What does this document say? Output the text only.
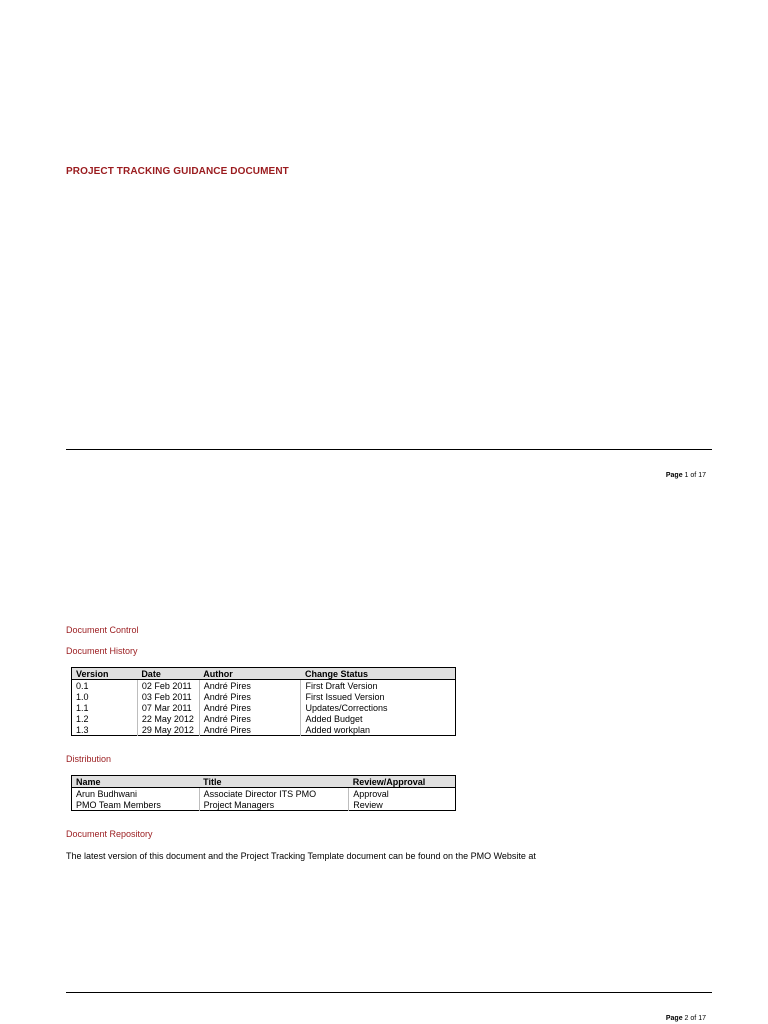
PROJECT TRACKING GUIDANCE DOCUMENT
Page 1 of 17
Document Control
Document History
Version	Date	Author	Change Status
0.1	02 Feb 2011	André Pires	First Draft Version
1.0	03 Feb 2011	André Pires	First Issued Version
1.1	07 Mar 2011	André Pires	Updates/Corrections
1.2	22 May 2012	André Pires	Added Budget
1.3	29 May 2012	André Pires	Added workplan
Distribution
Name	Title	Review/Approval
Arun Budhwani	Associate Director ITS PMO	Approval
PMO Team Members	Project Managers	Review
Document Repository
The latest version of this document and the Project Tracking Template document can be found on the PMO Website at
Page 2 of 17
